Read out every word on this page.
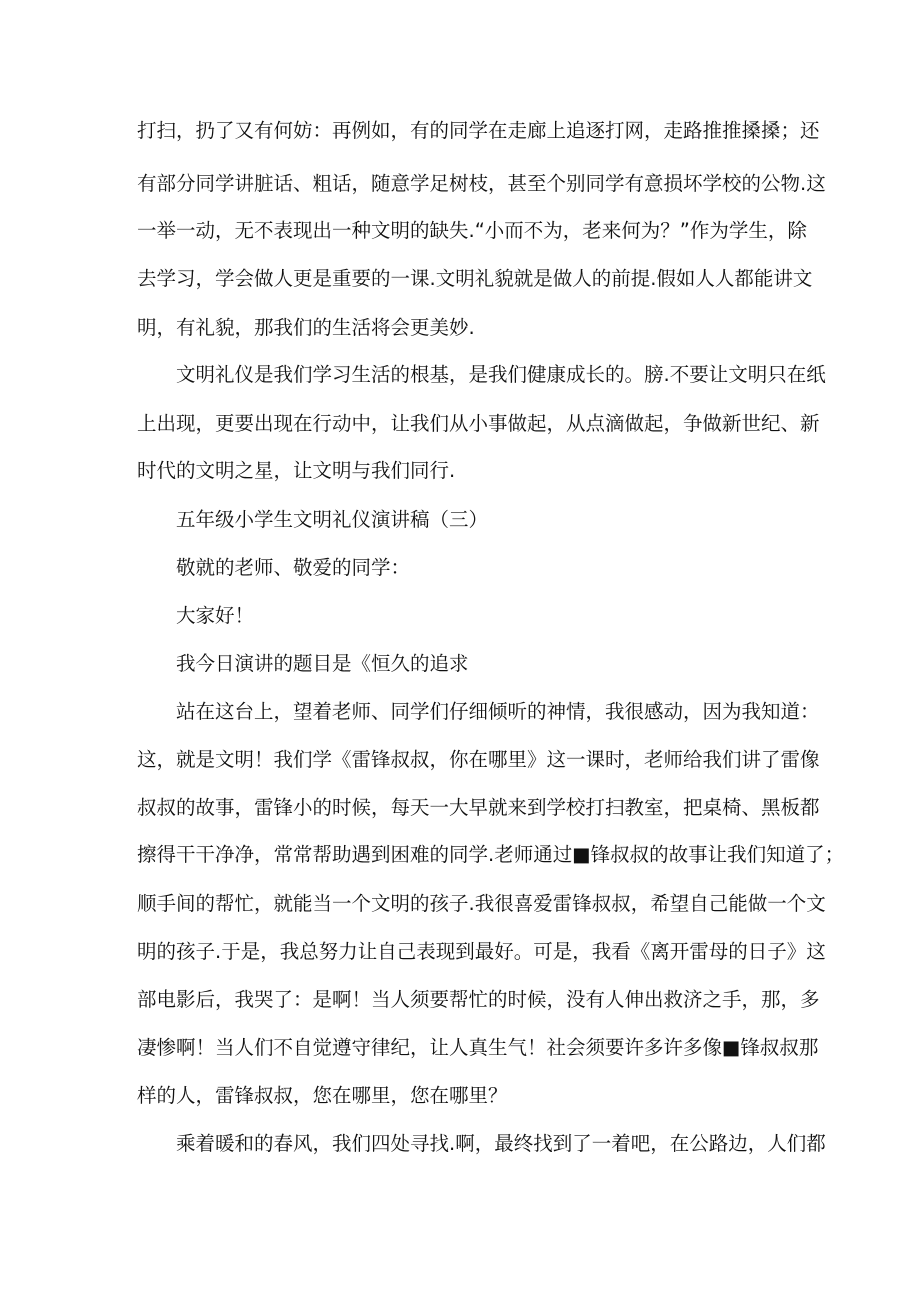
打扫，扔了又有何妨：再例如，有的同学在走廊上追逐打网，走路推推搡搡；还
有部分同学讲脏话、粗话，随意学足树枝，甚至个别同学有意损坏学校的公物.这
一举一动，无不表现出一种文明的缺失.“小而不为，老来何为？”作为学生，除
去学习，学会做人更是重要的一课.文明礼貌就是做人的前提.假如人人都能讲文
明，有礼貌，那我们的生活将会更美妙.
文明礼仪是我们学习生活的根基，是我们健康成长的。膀.不要让文明只在纸
上出现，更要出现在行动中，让我们从小事做起，从点滴做起，争做新世纪、新
时代的文明之星，让文明与我们同行.
五年级小学生文明礼仪演讲稿（三）
敬就的老师、敬爱的同学：
大家好！
我今日演讲的题目是《恒久的追求
站在这台上，望着老师、同学们仔细倾听的神情，我很感动，因为我知道：
这，就是文明！我们学《雷锋叔叔，你在哪里》这一课时，老师给我们讲了雷像
叔叔的故事，雷锋小的时候，每天一大早就来到学校打扫教室，把桌椅、黑板都
擦得干干净净，常常帮助遇到困难的同学.老师通过■锋叔叔的故事让我们知道了；
顺手间的帮忙，就能当一个文明的孩子.我很喜爱雷锋叔叔，希望自己能做一个文
明的孩子.于是，我总努力让自己表现到最好。可是，我看《离开雷母的日子》这
部电影后，我哭了：是啊！当人须要帮忙的时候，没有人伸出救济之手，那，多
凄惨啊！当人们不自觉遵守律纪，让人真生气！社会须要许多许多像■锋叔叔那
样的人，雷锋叔叔，您在哪里，您在哪里？
乘着暖和的春风，我们四处寻找.啊，最终找到了一着吧，在公路边，人们都
